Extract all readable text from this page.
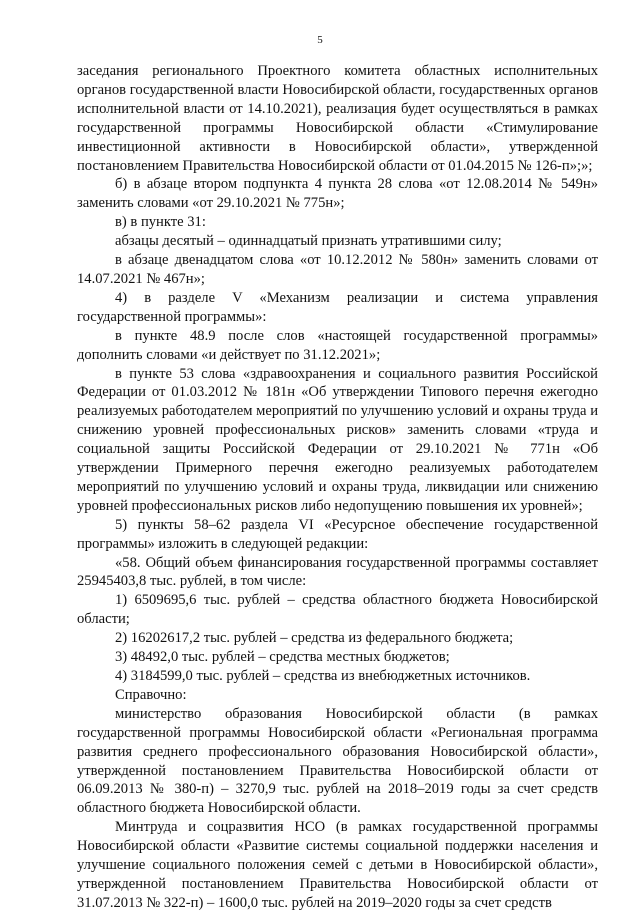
5

заседания регионального Проектного комитета областных исполнительных органов государственной власти Новосибирской области, государственных органов исполнительной власти от 14.10.2021), реализация будет осуществляться в рамках государственной программы Новосибирской области «Стимулирование инвестиционной активности в Новосибирской области», утвержденной постановлением Правительства Новосибирской области от 01.04.2015 № 126-п»;»;

б) в абзаце втором подпункта 4 пункта 28 слова «от 12.08.2014 № 549н» заменить словами «от 29.10.2021 № 775н»;

в) в пункте 31:

абзацы десятый – одиннадцатый признать утратившими силу;

в абзаце двенадцатом слова «от 10.12.2012 № 580н» заменить словами от 14.07.2021 № 467н»;

4) в разделе V «Механизм реализации и система управления государственной программы»:

в пункте 48.9 после слов «настоящей государственной программы» дополнить словами «и действует по 31.12.2021»;

в пункте 53 слова «здравоохранения и социального развития Российской Федерации от 01.03.2012 № 181н «Об утверждении Типового перечня ежегодно реализуемых работодателем мероприятий по улучшению условий и охраны труда и снижению уровней профессиональных рисков» заменить словами «труда и социальной защиты Российской Федерации от 29.10.2021 № 771н «Об утверждении Примерного перечня ежегодно реализуемых работодателем мероприятий по улучшению условий и охраны труда, ликвидации или снижению уровней профессиональных рисков либо недопущению повышения их уровней»;

5) пункты 58–62 раздела VI «Ресурсное обеспечение государственной программы» изложить в следующей редакции:

«58. Общий объем финансирования государственной программы составляет 25945403,8 тыс. рублей, в том числе:

1) 6509695,6 тыс. рублей – средства областного бюджета Новосибирской области;

2) 16202617,2 тыс. рублей – средства из федерального бюджета;

3) 48492,0 тыс. рублей – средства местных бюджетов;

4) 3184599,0 тыс. рублей – средства из внебюджетных источников.

Справочно:

министерство образования Новосибирской области (в рамках государственной программы Новосибирской области «Региональная программа развития среднего профессионального образования Новосибирской области», утвержденной постановлением Правительства Новосибирской области от 06.09.2013 № 380-п) – 3270,9 тыс. рублей на 2018–2019 годы за счет средств областного бюджета Новосибирской области.

Минтруда и соцразвития НСО (в рамках государственной программы Новосибирской области «Развитие системы социальной поддержки населения и улучшение социального положения семей с детьми в Новосибирской области», утвержденной постановлением Правительства Новосибирской области от 31.07.2013 № 322-п) – 1600,0 тыс. рублей на 2019–2020 годы за счет средств
